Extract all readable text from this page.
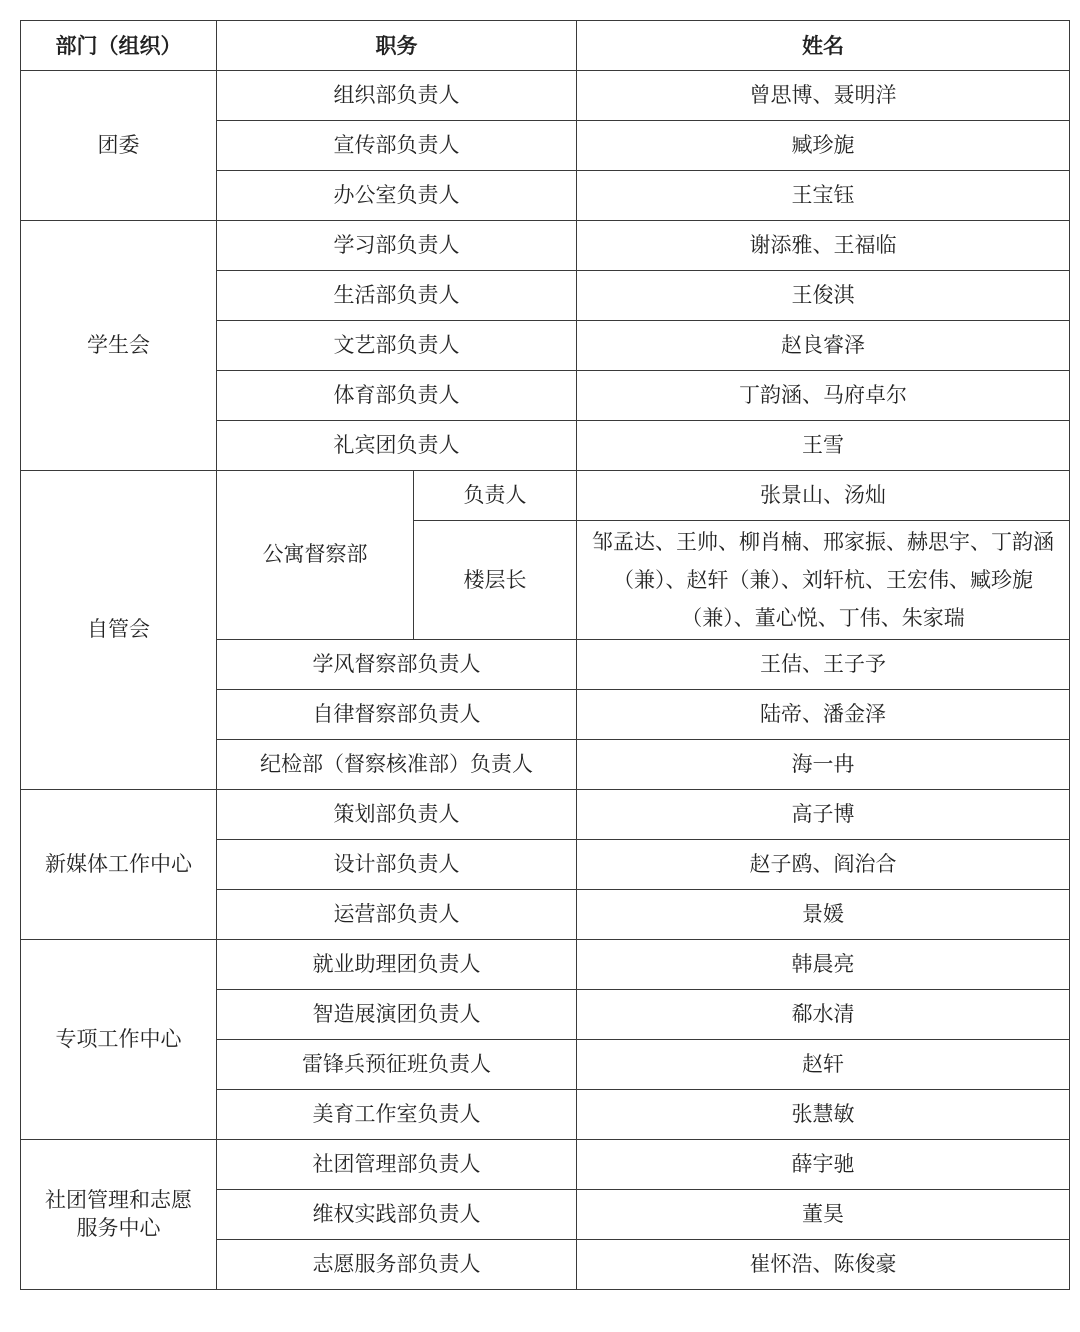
部门（组织）	职务		姓名
团委	组织部负责人		曾思博、聂明洋
	宣传部负责人		臧珍旎
	办公室负责人		王宝钰
学生会	学习部负责人		谢添雅、王福临
	生活部负责人		王俊淇
	文艺部负责人		赵良睿泽
	体育部负责人		丁韵涵、马府卓尔
	礼宾团负责人		王雪
自管会	公寓督察部	负责人	张景山、汤灿
		楼层长	邹孟达、王帅、柳肖楠、邢家振、赫思宇、丁韵涵（兼）、赵轩（兼）、刘轩杭、王宏伟、臧珍旎（兼）、董心悦、丁伟、朱家瑞
	学风督察部负责人		王佶、王子予
	自律督察部负责人		陆帝、潘金泽
	纪检部（督察核准部）负责人		海一冉
新媒体工作中心	策划部负责人		高子博
	设计部负责人		赵子鸥、阎治合
	运营部负责人		景媛
专项工作中心	就业助理团负责人		韩晨亮
	智造展演团负责人		郗水清
	雷锋兵预征班负责人		赵轩
	美育工作室负责人		张慧敏
社团管理和志愿服务中心	社团管理部负责人		薛宇驰
	维权实践部负责人		董昊
	志愿服务部负责人		崔怀浩、陈俊豪
